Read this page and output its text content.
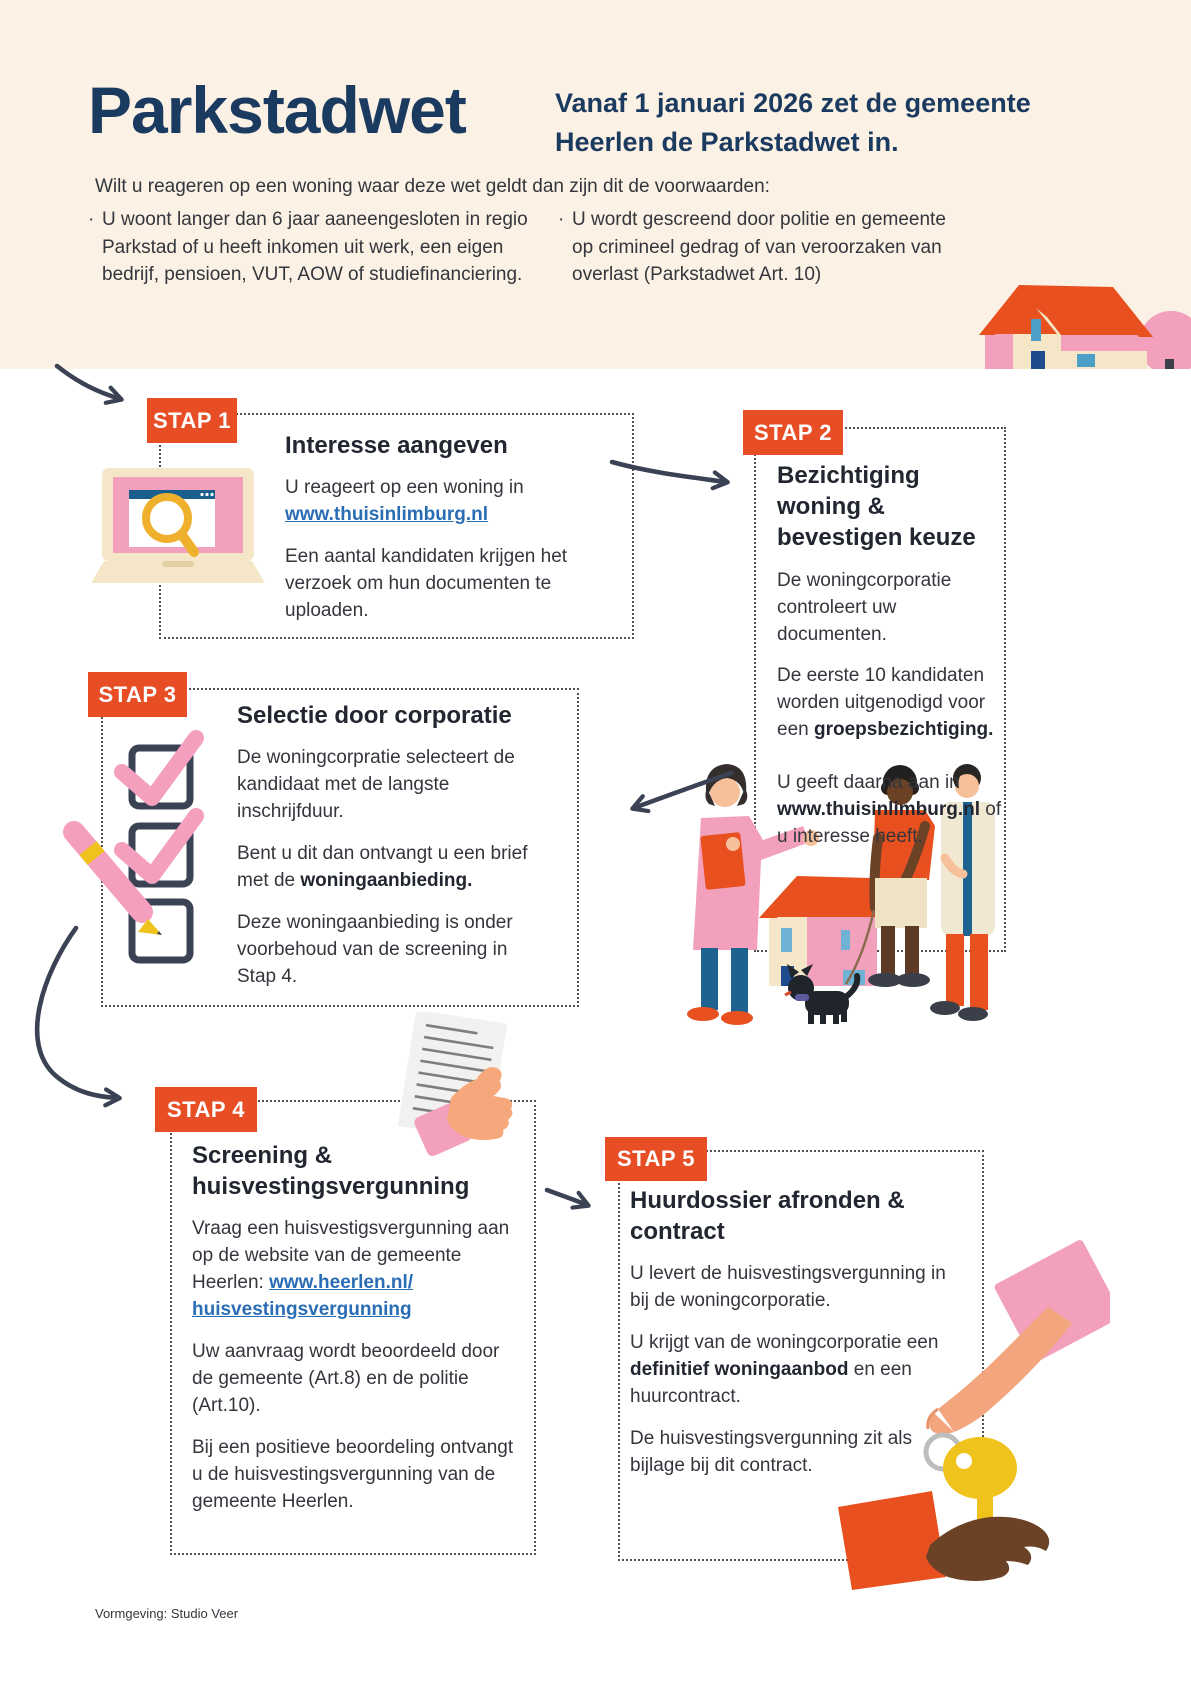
Parkstadwet	Vanaf 1 januari 2026 zet de gemeente Heerlen de Parkstadwet in.
Wilt u reageren op een woning waar deze wet geldt dan zijn dit de voorwaarden:
· U woont langer dan 6 jaar aaneengesloten in regio Parkstad of u heeft inkomen uit werk, een eigen bedrijf, pensioen, VUT, AOW of studiefinanciering.
· U wordt gescreend door politie en gemeente op crimineel gedrag of van veroorzaken van overlast (Parkstadwet Art. 10)
STAP 1
Interesse aangeven

U reageert op een woning in www.thuisinlimburg.nl

Een aantal kandidaten krijgen het verzoek om hun documenten te uploaden.

STAP 2
Bezichtiging woning & bevestigen keuze

De woningcorporatie controleert uw documenten.

De eerste 10 kandidaten worden uitgenodigd voor een groepsbezichtiging.

U geeft daarna aan in www.thuisinlimburg.nl of u interesse heeft.

STAP 3
Selectie door corporatie

De woningcorpratie selecteert de kandidaat met de langste inschrijfduur.

Bent u dit dan ontvangt u een brief met de woningaanbieding.

Deze woningaanbieding is onder voorbehoud van de screening in Stap 4.

STAP 4
Screening & huisvestingsvergunning

Vraag een huisvestigsvergunning aan op de website van de gemeente Heerlen: www.heerlen.nl/
huisvestingsvergunning

Uw aanvraag wordt beoordeeld door de gemeente (Art.8) en de politie (Art.10).

Bij een positieve beoordeling ontvangt u de huisvestingsvergunning van de gemeente Heerlen.

STAP 5
Huurdossier afronden & contract

U levert de huisvestingsvergunning in bij de woningcorporatie.

U krijgt van de woningcorporatie een definitief woningaanbod en een huurcontract.

De huisvestingsvergunning zit als bijlage bij dit contract.

Vormgeving: Studio Veer
